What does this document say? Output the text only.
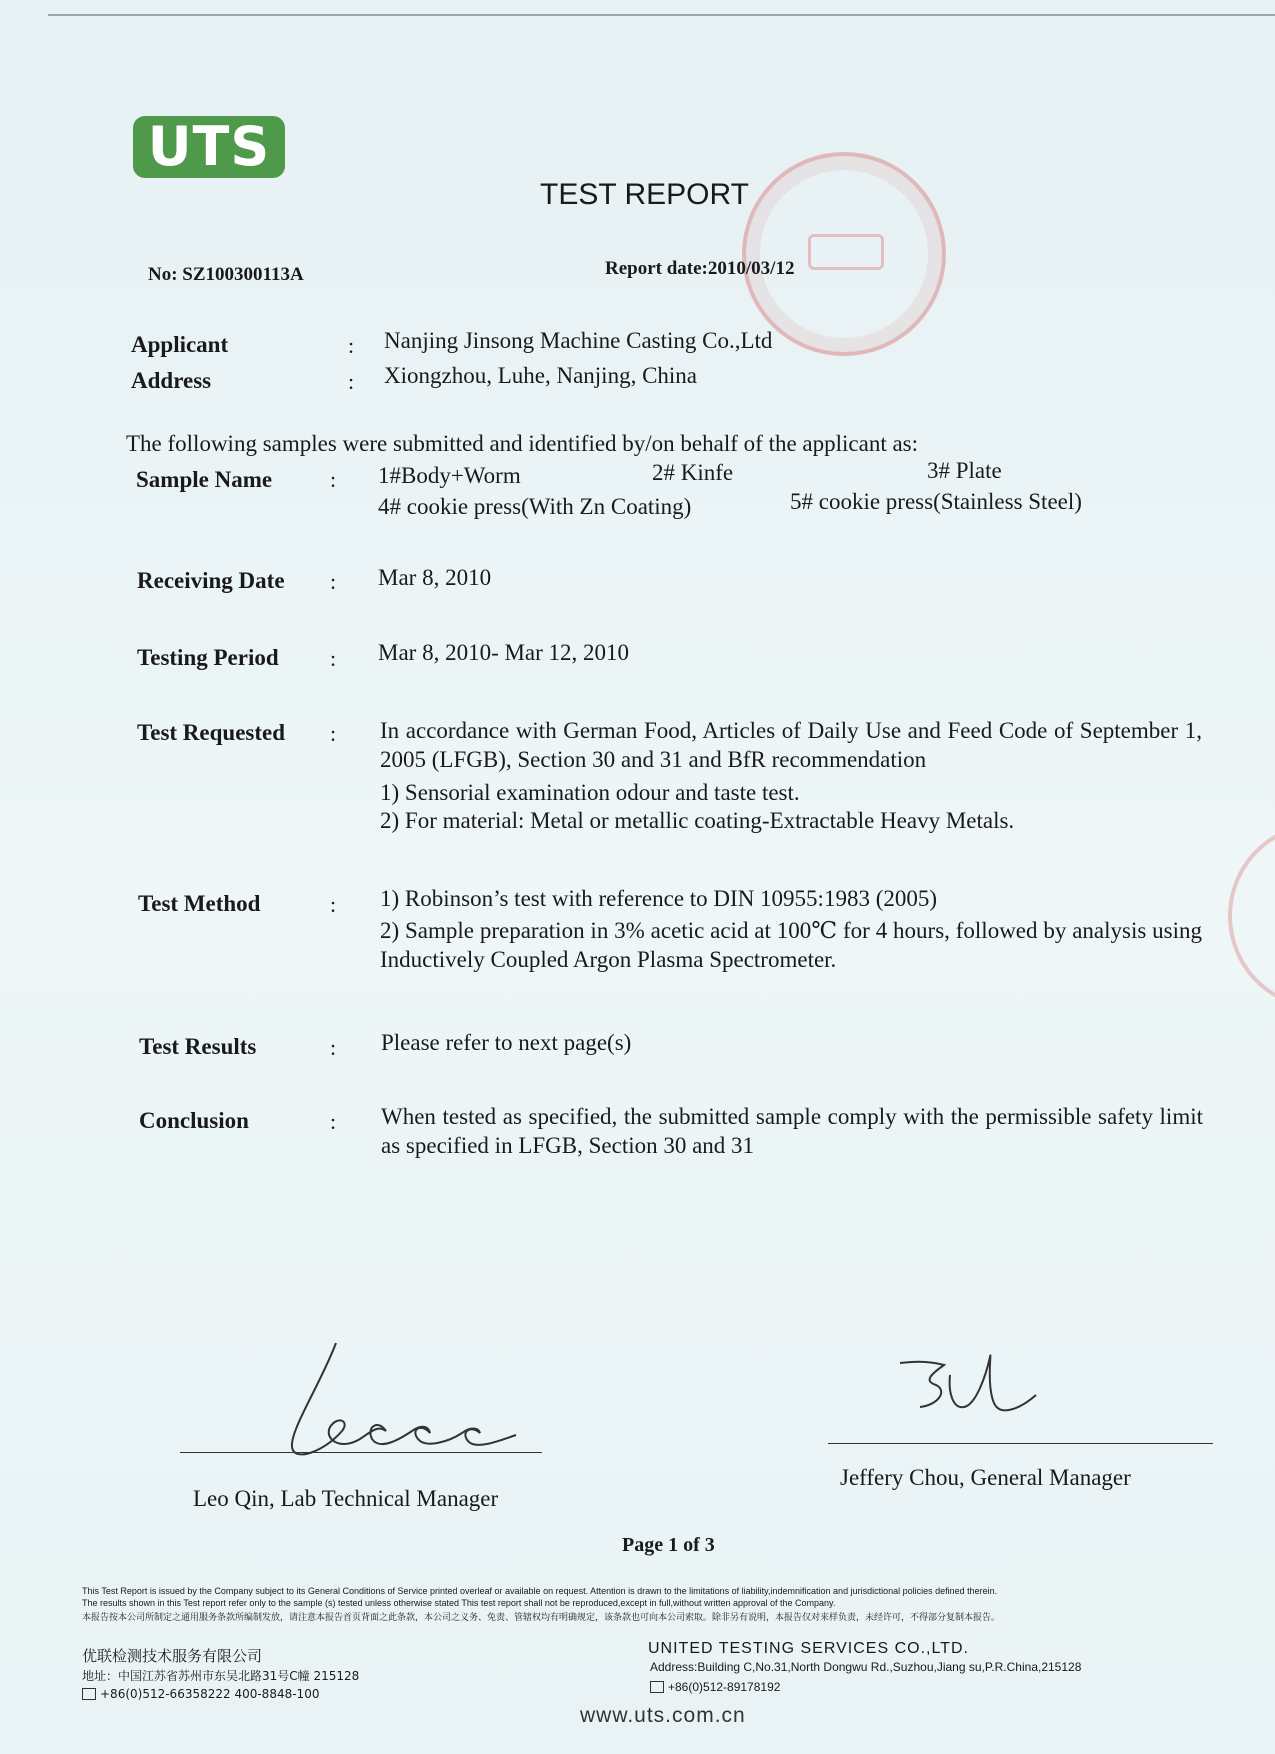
UTS
TEST REPORT
No: SZ100300113A	Report date:2010/03/12
Applicant	: Nanjing Jinsong Machine Casting Co.,Ltd
Address	: Xiongzhou, Luhe, Nanjing, China
The following samples were submitted and identified by/on behalf of the applicant as:
Sample Name	: 1#Body+Worm	2# Kinfe	3# Plate
4# cookie press(With Zn Coating)	5# cookie press(Stainless Steel)
Receiving Date : Mar 8, 2010
Testing Period : Mar 8, 2010- Mar 12, 2010
Test Requested : In accordance with German Food, Articles of Daily Use and Feed Code of September 1, 2005 (LFGB), Section 30 and 31 and BfR recommendation
1) Sensorial examination odour and taste test.
2) For material: Metal or metallic coating-Extractable Heavy Metals.
Test Method	: 1) Robinson’s test with reference to DIN 10955:1983 (2005)
2) Sample preparation in 3% acetic acid at 100℃ for 4 hours, followed by analysis using Inductively Coupled Argon Plasma Spectrometer.
Test Results	: Please refer to next page(s)
Conclusion	: When tested as specified, the submitted sample comply with the permissible safety limit as specified in LFGB, Section 30 and 31
Leo Qin, Lab Technical Manager
Jeffery Chou, General Manager
Page 1 of 3
This Test Report is issued by the Company subject to its General Conditions of Service printed overleaf or available on request. Attention is drawn to the limitations of liability,indemnification and jurisdictional policies defined therein.
The results shown in this Test report refer only to the sample (s) tested unless otherwise stated This test report shall not be reproduced,except in full,without written approval of the Company.
本报告按本公司所制定之通用服务条款所编制发放，请注意本报告首页背面之此条款，本公司之义务、免责、管辖权均有明确规定，该条款也可向本公司索取。除非另有说明，本报告仅对来样负责，未经许可，不得部分复制本报告。
优联检测技术服务有限公司
地址：中国江苏省苏州市东吴北路31号C幢 215128
+86(0)512-66358222 400-8848-100
UNITED TESTING SERVICES CO.,LTD.
Address:Building C,No.31,North Dongwu Rd.,Suzhou,Jiang su,P.R.China,215128
+86(0)512-89178192
www.uts.com.cn
